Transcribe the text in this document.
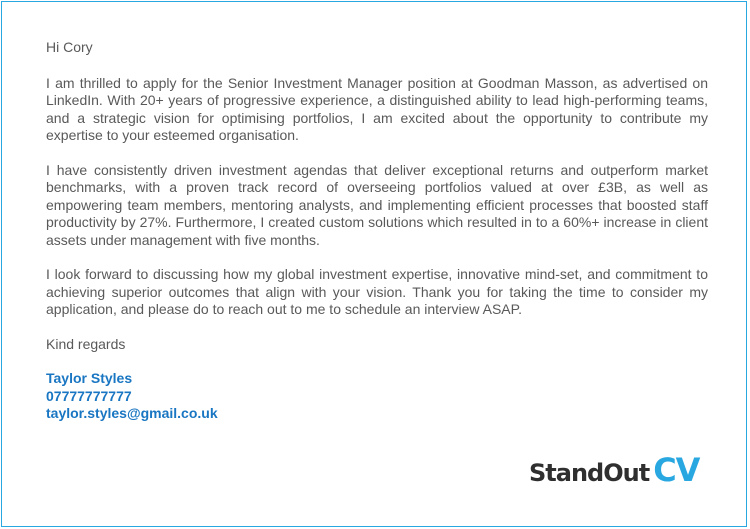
Hi Cory

I am thrilled to apply for the Senior Investment Manager position at Goodman Masson, as advertised on LinkedIn. With 20+ years of progressive experience, a distinguished ability to lead high-performing teams, and a strategic vision for optimising portfolios, I am excited about the opportunity to contribute my expertise to your esteemed organisation.

I have consistently driven investment agendas that deliver exceptional returns and outperform market benchmarks, with a proven track record of overseeing portfolios valued at over £3B, as well as empowering team members, mentoring analysts, and implementing efficient processes that boosted staff productivity by 27%. Furthermore, I created custom solutions which resulted in to a 60%+ increase in client assets under management with five months.

I look forward to discussing how my global investment expertise, innovative mind-set, and commitment to achieving superior outcomes that align with your vision. Thank you for taking the time to consider my application, and please do to reach out to me to schedule an interview ASAP.

Kind regards

Taylor Styles
07777777777
taylor.styles@gmail.co.uk
StandOut CV
